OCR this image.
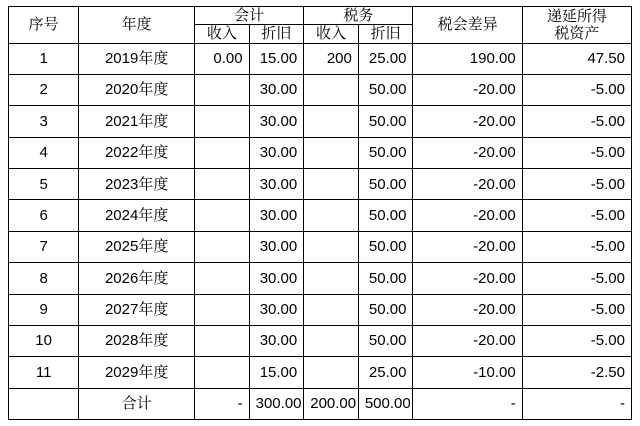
序号	年度	会计		税务		税会差异	递延所得
税资产
		收入	折旧	收入	折旧		
1	2019年度	0.00	15.00	200	25.00	190.00	47.50
2	2020年度		30.00		50.00	-20.00	-5.00
3	2021年度		30.00		50.00	-20.00	-5.00
4	2022年度		30.00		50.00	-20.00	-5.00
5	2023年度		30.00		50.00	-20.00	-5.00
6	2024年度		30.00		50.00	-20.00	-5.00
7	2025年度		30.00		50.00	-20.00	-5.00
8	2026年度		30.00		50.00	-20.00	-5.00
9	2027年度		30.00		50.00	-20.00	-5.00
10	2028年度		30.00		50.00	-20.00	-5.00
11	2029年度		15.00		25.00	-10.00	-2.50
	合计	-	300.00	200.00	500.00	-	-
